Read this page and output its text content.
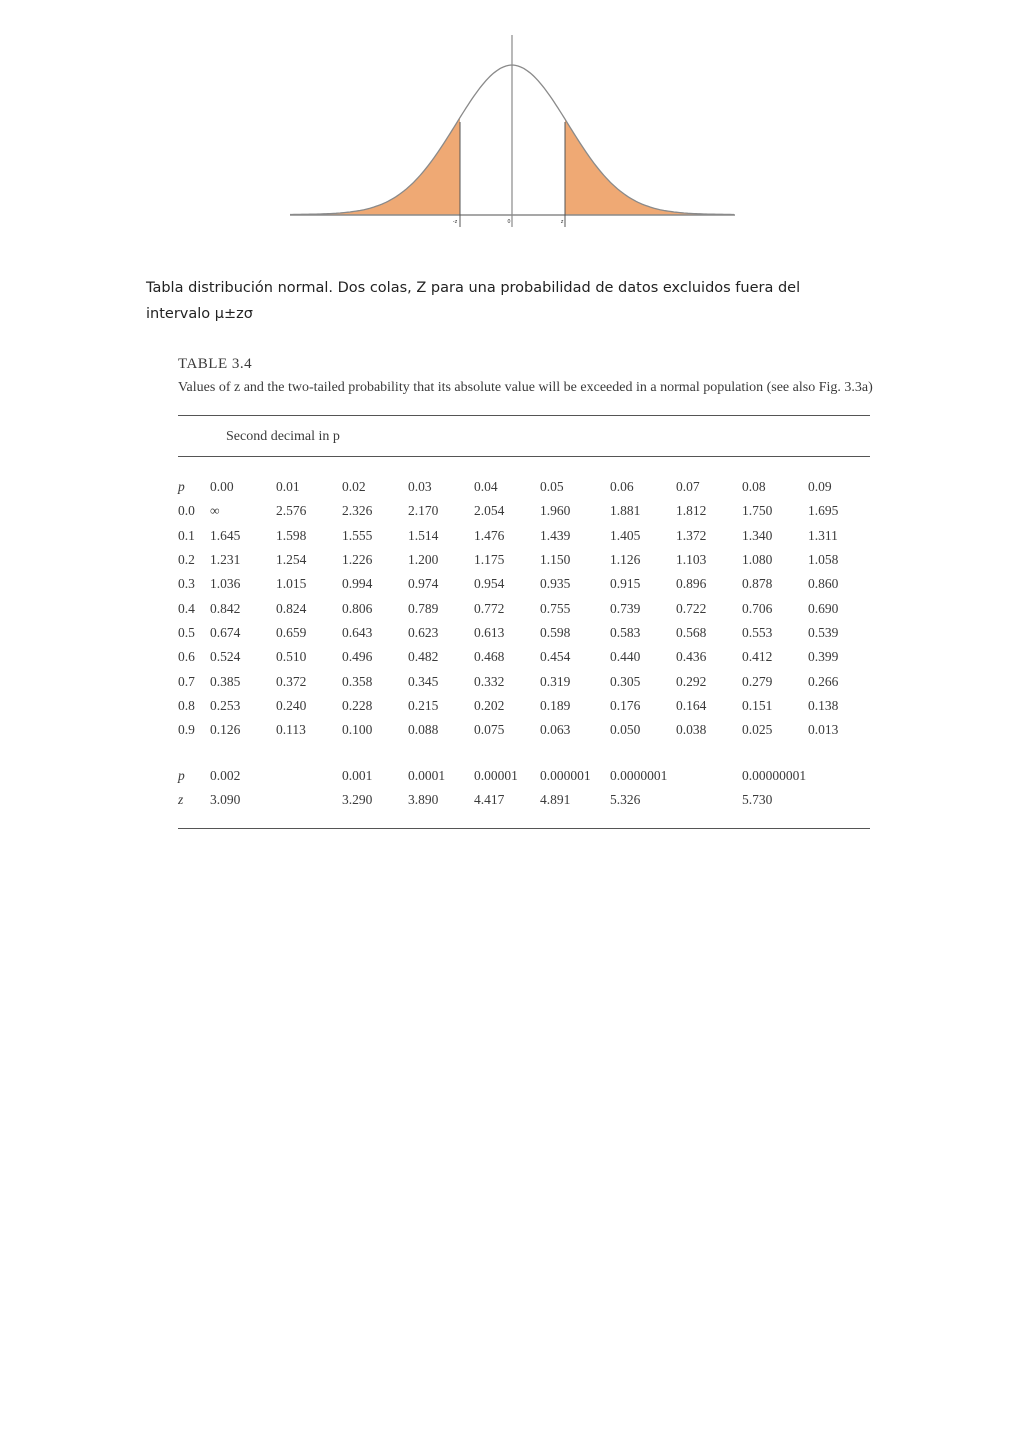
-z	0	z
Tabla distribución normal. Dos colas, Z para una probabilidad de datos excluidos fuera del
intervalo μ±zσ
TABLE 3.4
Values of z and the two-tailed probability that its absolute value will be exceeded in a normal population (see also Fig. 3.3a)
Second decimal in p
p	0.00	0.01	0.02	0.03	0.04	0.05	0.06	0.07	0.08	0.09
0.0	∞	2.576	2.326	2.170	2.054	1.960	1.881	1.812	1.750	1.695
0.1	1.645	1.598	1.555	1.514	1.476	1.439	1.405	1.372	1.340	1.311
0.2	1.231	1.254	1.226	1.200	1.175	1.150	1.126	1.103	1.080	1.058
0.3	1.036	1.015	0.994	0.974	0.954	0.935	0.915	0.896	0.878	0.860
0.4	0.842	0.824	0.806	0.789	0.772	0.755	0.739	0.722	0.706	0.690
0.5	0.674	0.659	0.643	0.623	0.613	0.598	0.583	0.568	0.553	0.539
0.6	0.524	0.510	0.496	0.482	0.468	0.454	0.440	0.436	0.412	0.399
0.7	0.385	0.372	0.358	0.345	0.332	0.319	0.305	0.292	0.279	0.266
0.8	0.253	0.240	0.228	0.215	0.202	0.189	0.176	0.164	0.151	0.138
0.9	0.126	0.113	0.100	0.088	0.075	0.063	0.050	0.038	0.025	0.013
p	0.002		0.001	0.0001	0.00001	0.000001	0.0000001		0.00000001	
z	3.090		3.290	3.890	4.417	4.891	5.326		5.730	
